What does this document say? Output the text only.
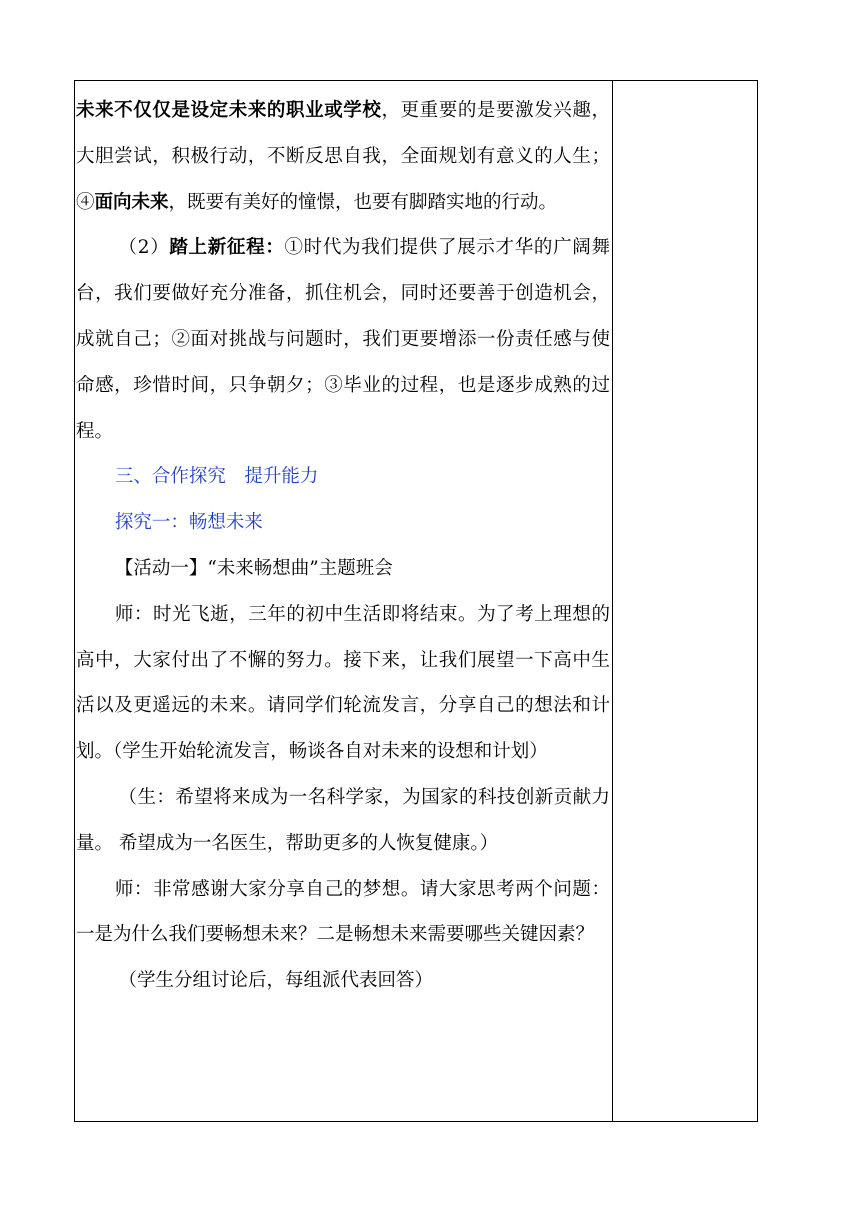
未来不仅仅是设定未来的职业或学校，更重要的是要激发兴趣，大胆尝试，积极行动，不断反思自我，全面规划有意义的人生；④面向未来，既要有美好的憧憬，也要有脚踏实地的行动。

（2）踏上新征程：①时代为我们提供了展示才华的广阔舞台，我们要做好充分准备，抓住机会，同时还要善于创造机会，成就自己；②面对挑战与问题时，我们更要增添一份责任感与使命感，珍惜时间，只争朝夕；③毕业的过程，也是逐步成熟的过程。

三、合作探究　提升能力

探究一：畅想未来

【活动一】“未来畅想曲”主题班会

师：时光飞逝，三年的初中生活即将结束。为了考上理想的高中，大家付出了不懈的努力。接下来，让我们展望一下高中生活以及更遥远的未来。请同学们轮流发言，分享自己的想法和计划。（学生开始轮流发言，畅谈各自对未来的设想和计划）

（生：希望将来成为一名科学家，为国家的科技创新贡献力量。 希望成为一名医生，帮助更多的人恢复健康。）

师：非常感谢大家分享自己的梦想。请大家思考两个问题：一是为什么我们要畅想未来？二是畅想未来需要哪些关键因素？

（学生分组讨论后，每组派代表回答）
